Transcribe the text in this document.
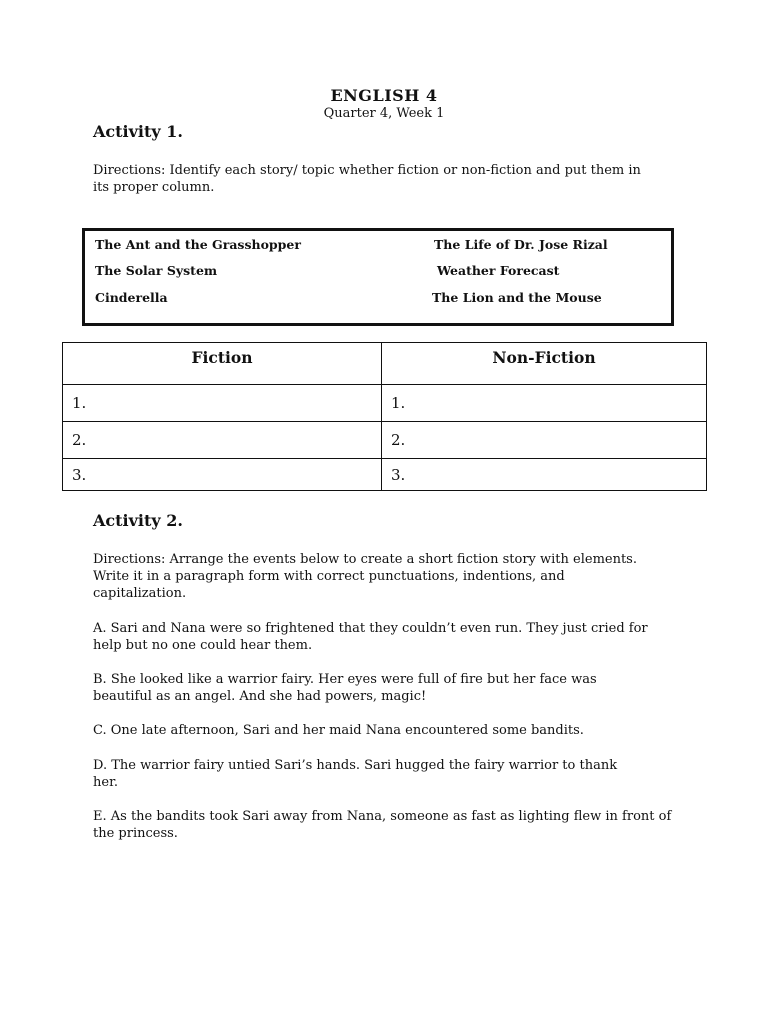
ENGLISH 4
Quarter 4, Week 1
Activity 1.
Directions: Identify each story/ topic whether fiction or non-fiction and put them in its proper column.
The Ant and the Grasshopper	The Life of Dr. Jose Rizal
The Solar System	Weather Forecast
Cinderella	The Lion and the Mouse
Fiction	Non-Fiction
1.	1.
2.	2.
3.	3.
Activity 2.
Directions: Arrange the events below to create a short fiction story with elements. Write it in a paragraph form with correct punctuations, indentions, and capitalization.
A. Sari and Nana were so frightened that they couldn’t even run. They just cried for help but no one could hear them.
B. She looked like a warrior fairy. Her eyes were full of fire but her face was beautiful as an angel. And she had powers, magic!
C. One late afternoon, Sari and her maid Nana encountered some bandits.
D. The warrior fairy untied Sari’s hands. Sari hugged the fairy warrior to thank her.
E. As the bandits took Sari away from Nana, someone as fast as lighting flew in front of the princess.
